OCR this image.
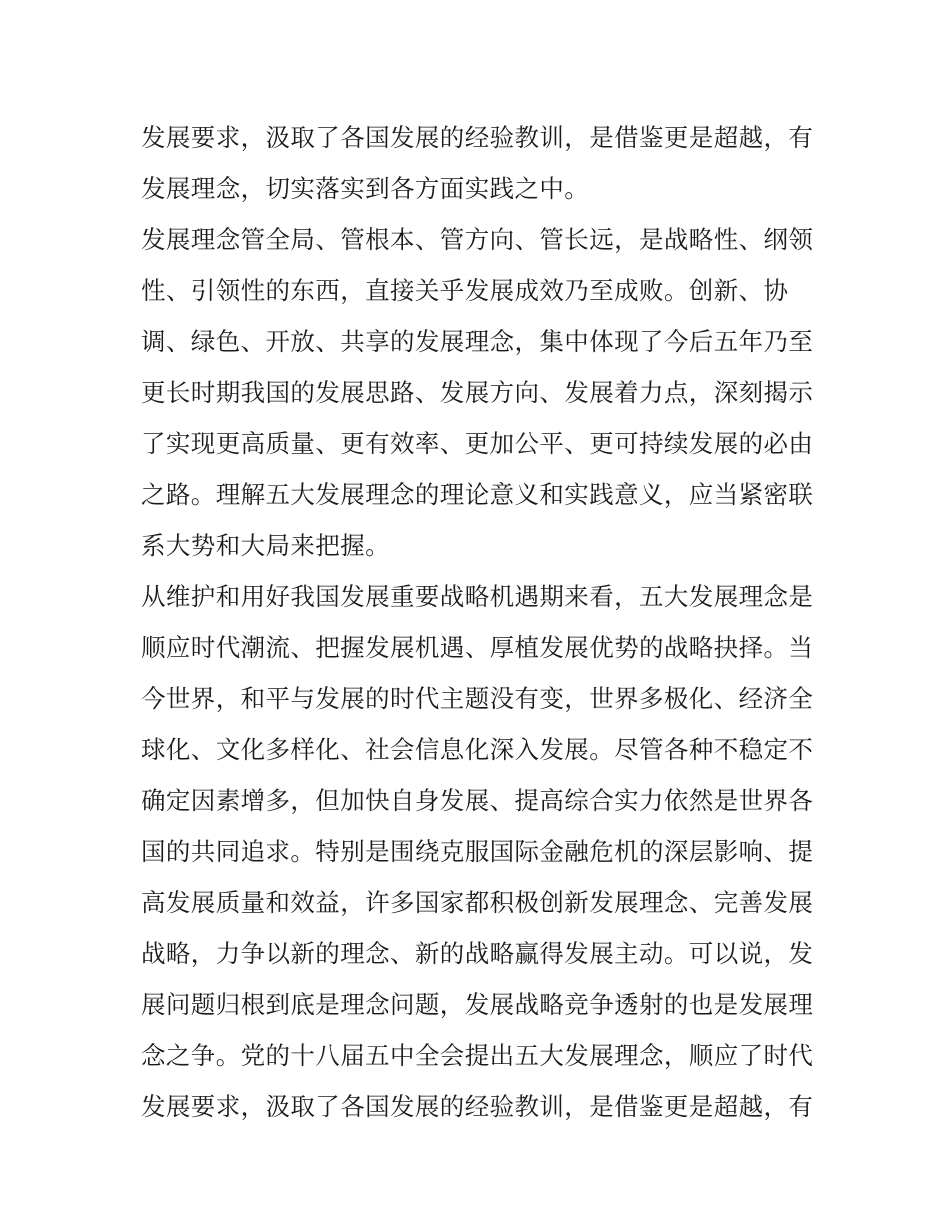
发展要求，汲取了各国发展的经验教训，是借鉴更是超越，有
发展理念，切实落实到各方面实践之中。
发展理念管全局、管根本、管方向、管长远，是战略性、纲领
性、引领性的东西，直接关乎发展成效乃至成败。创新、协
调、绿色、开放、共享的发展理念，集中体现了今后五年乃至
更长时期我国的发展思路、发展方向、发展着力点，深刻揭示
了实现更高质量、更有效率、更加公平、更可持续发展的必由
之路。理解五大发展理念的理论意义和实践意义，应当紧密联
系大势和大局来把握。
从维护和用好我国发展重要战略机遇期来看，五大发展理念是
顺应时代潮流、把握发展机遇、厚植发展优势的战略抉择。当
今世界，和平与发展的时代主题没有变，世界多极化、经济全
球化、文化多样化、社会信息化深入发展。尽管各种不稳定不
确定因素增多，但加快自身发展、提高综合实力依然是世界各
国的共同追求。特别是围绕克服国际金融危机的深层影响、提
高发展质量和效益，许多国家都积极创新发展理念、完善发展
战略，力争以新的理念、新的战略赢得发展主动。可以说，发
展问题归根到底是理念问题，发展战略竞争透射的也是发展理
念之争。党的十八届五中全会提出五大发展理念，顺应了时代
发展要求，汲取了各国发展的经验教训，是借鉴更是超越，有
